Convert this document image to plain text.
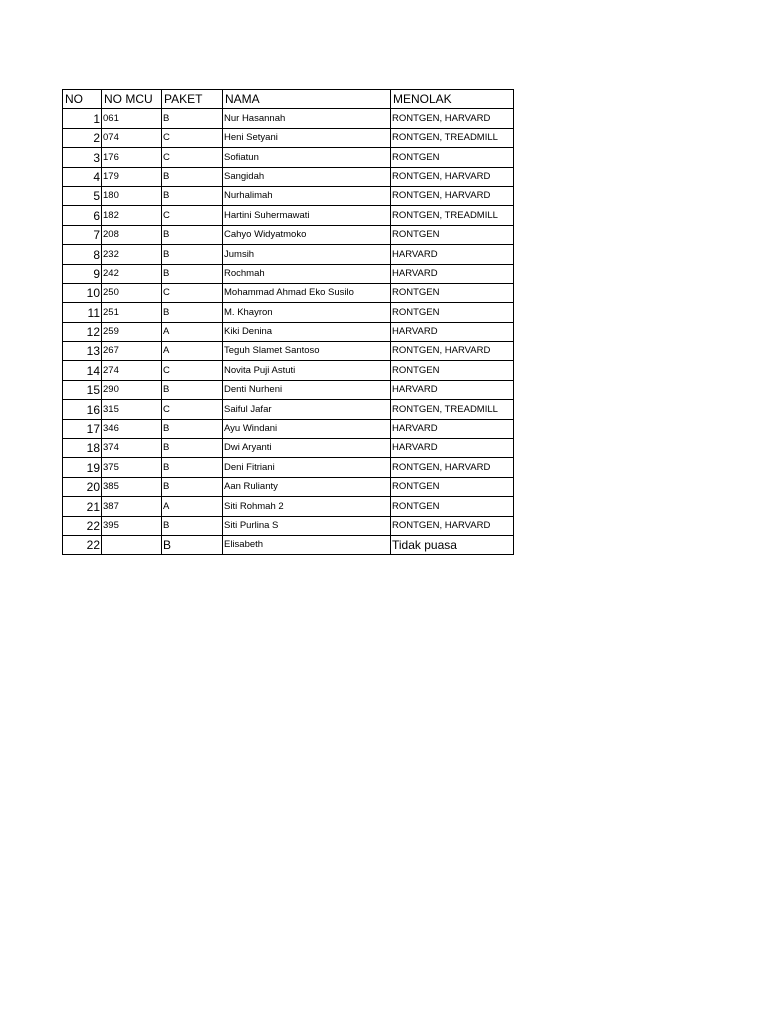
NO	NO MCU	PAKET	NAMA	MENOLAK
1	061	B	Nur Hasannah	RONTGEN, HARVARD
2	074	C	Heni Setyani	RONTGEN, TREADMILL
3	176	C	Sofiatun	RONTGEN
4	179	B	Sangidah	RONTGEN, HARVARD
5	180	B	Nurhalimah	RONTGEN, HARVARD
6	182	C	Hartini Suhermawati	RONTGEN, TREADMILL
7	208	B	Cahyo Widyatmoko	RONTGEN
8	232	B	Jumsih	HARVARD
9	242	B	Rochmah	HARVARD
10	250	C	Mohammad Ahmad Eko Susilo	RONTGEN
11	251	B	M. Khayron	RONTGEN
12	259	A	Kiki Denina	HARVARD
13	267	A	Teguh Slamet Santoso	RONTGEN, HARVARD
14	274	C	Novita Puji Astuti	RONTGEN
15	290	B	Denti Nurheni	HARVARD
16	315	C	Saiful Jafar	RONTGEN, TREADMILL
17	346	B	Ayu Windani	HARVARD
18	374	B	Dwi Aryanti	HARVARD
19	375	B	Deni Fitriani	RONTGEN, HARVARD
20	385	B	Aan Rulianty	RONTGEN
21	387	A	Siti Rohmah 2	RONTGEN
22	395	B	Siti Purlina S	RONTGEN, HARVARD
22		B	Elisabeth	Tidak puasa
